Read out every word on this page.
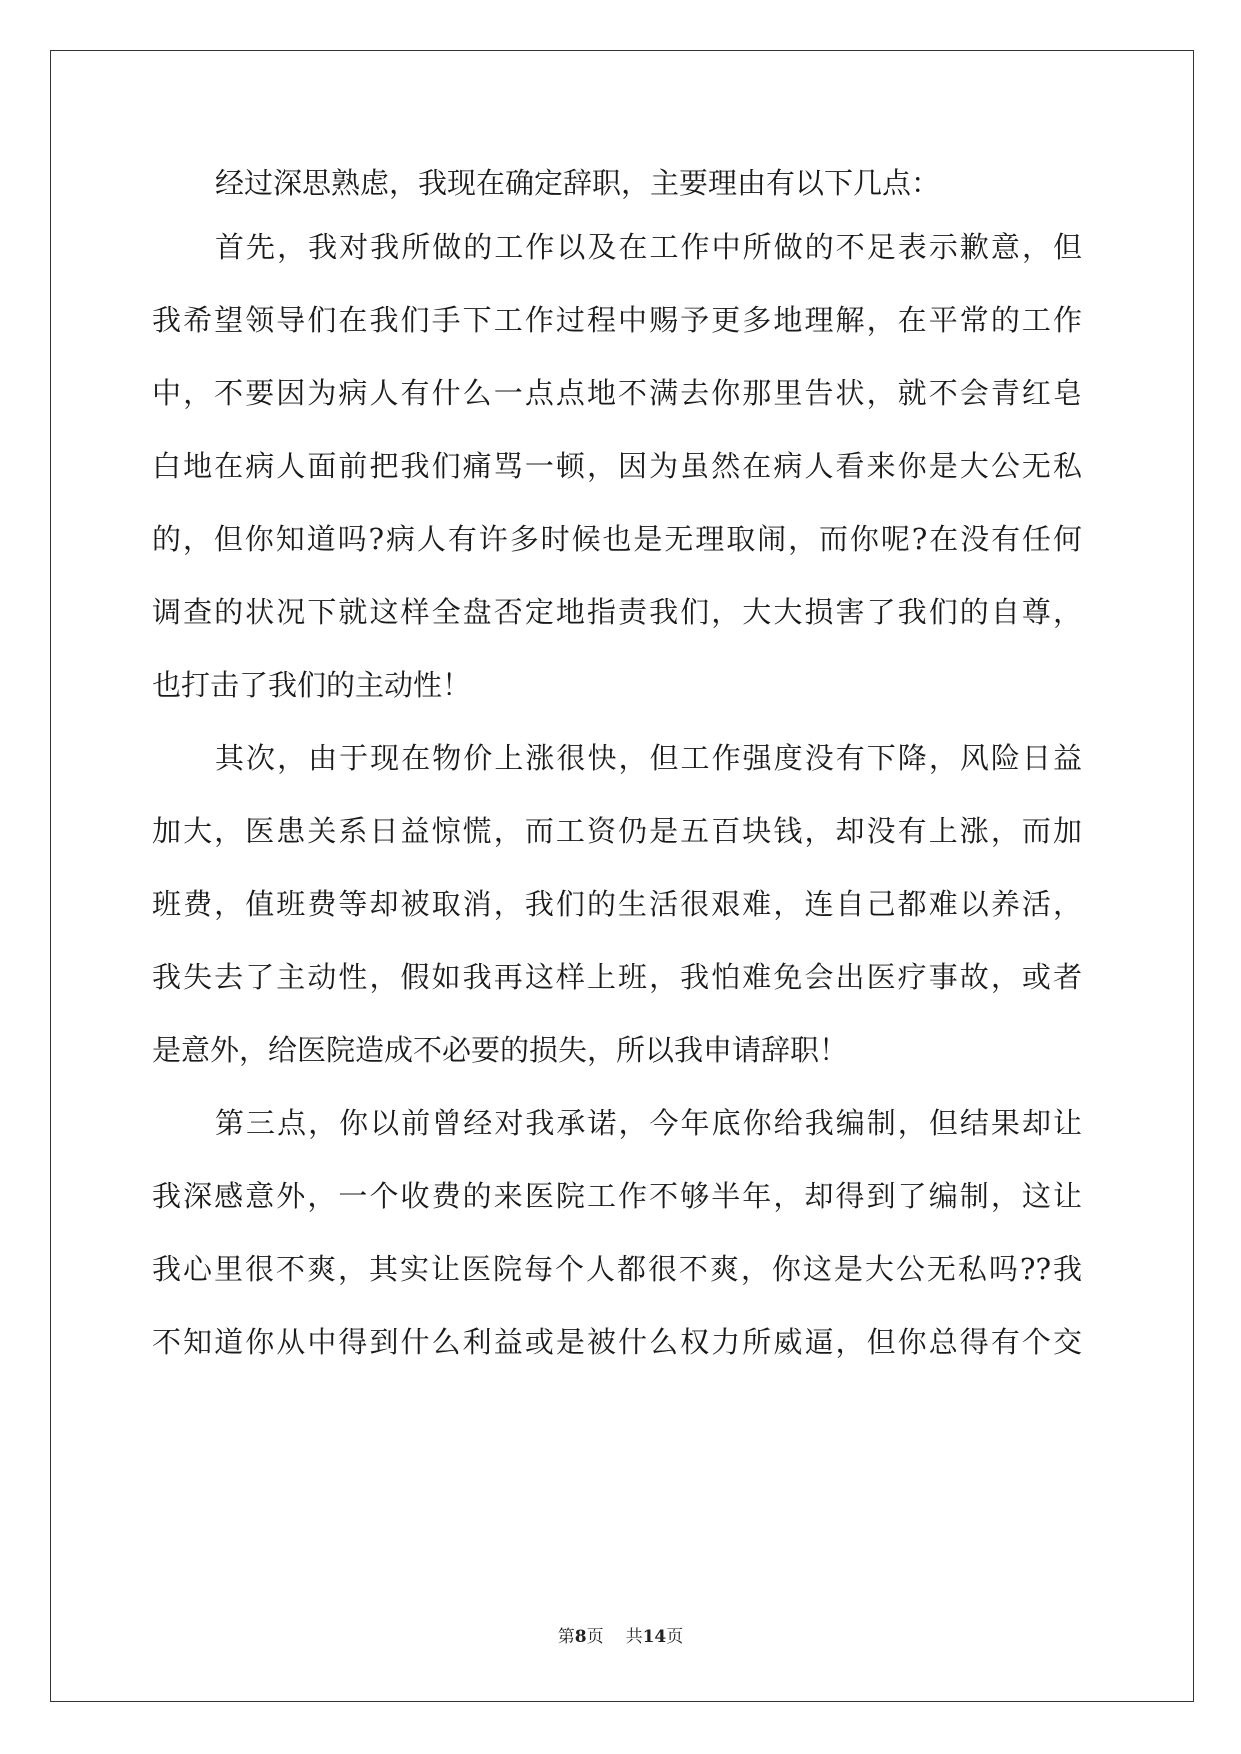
经过深思熟虑，我现在确定辞职，主要理由有以下几点：
首先，我对我所做的工作以及在工作中所做的不足表示歉意，但
我希望领导们在我们手下工作过程中赐予更多地理解，在平常的工作
中，不要因为病人有什么一点点地不满去你那里告状，就不会青红皂
白地在病人面前把我们痛骂一顿，因为虽然在病人看来你是大公无私
的，但你知道吗?病人有许多时候也是无理取闹，而你呢?在没有任何
调查的状况下就这样全盘否定地指责我们，大大损害了我们的自尊，
也打击了我们的主动性！
其次，由于现在物价上涨很快，但工作强度没有下降，风险日益
加大，医患关系日益惊慌，而工资仍是五百块钱，却没有上涨，而加
班费，值班费等却被取消，我们的生活很艰难，连自己都难以养活，
我失去了主动性，假如我再这样上班，我怕难免会出医疗事故，或者
是意外，给医院造成不必要的损失，所以我申请辞职！
第三点，你以前曾经对我承诺，今年底你给我编制，但结果却让
我深感意外，一个收费的来医院工作不够半年，却得到了编制，这让
我心里很不爽，其实让医院每个人都很不爽，你这是大公无私吗??我
不知道你从中得到什么利益或是被什么权力所威逼，但你总得有个交
第8页 共14页
